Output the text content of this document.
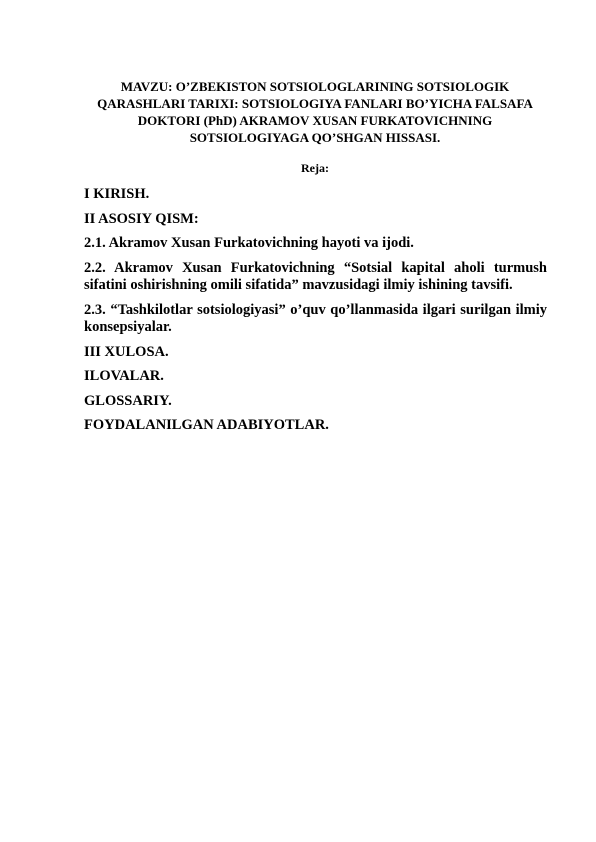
MAVZU: O’ZBEKISTON SOTSIOLOGLARINING SOTSIOLOGIK QARASHLARI TARIXI: SOTSIOLOGIYA FANLARI BO’YICHA FALSAFA DOKTORI (PhD) AKRAMOV XUSAN FURKATOVICHNING SOTSIOLOGIYAGA QO’SHGAN HISSASI.

Reja:

I KIRISH.
II ASOSIY QISM:
2.1. Akramov Xusan Furkatovichning hayoti va ijodi.
2.2. Akramov Xusan Furkatovichning “Sotsial kapital aholi turmush sifatini oshirishning omili sifatida” mavzusidagi ilmiy ishining tavsifi.
2.3. “Tashkilotlar sotsiologiyasi” o’quv qo’llanmasida ilgari surilgan ilmiy konsepsiyalar.
III XULOSA.
ILOVALAR.
GLOSSARIY.
FOYDALANILGAN ADABIYOTLAR.
